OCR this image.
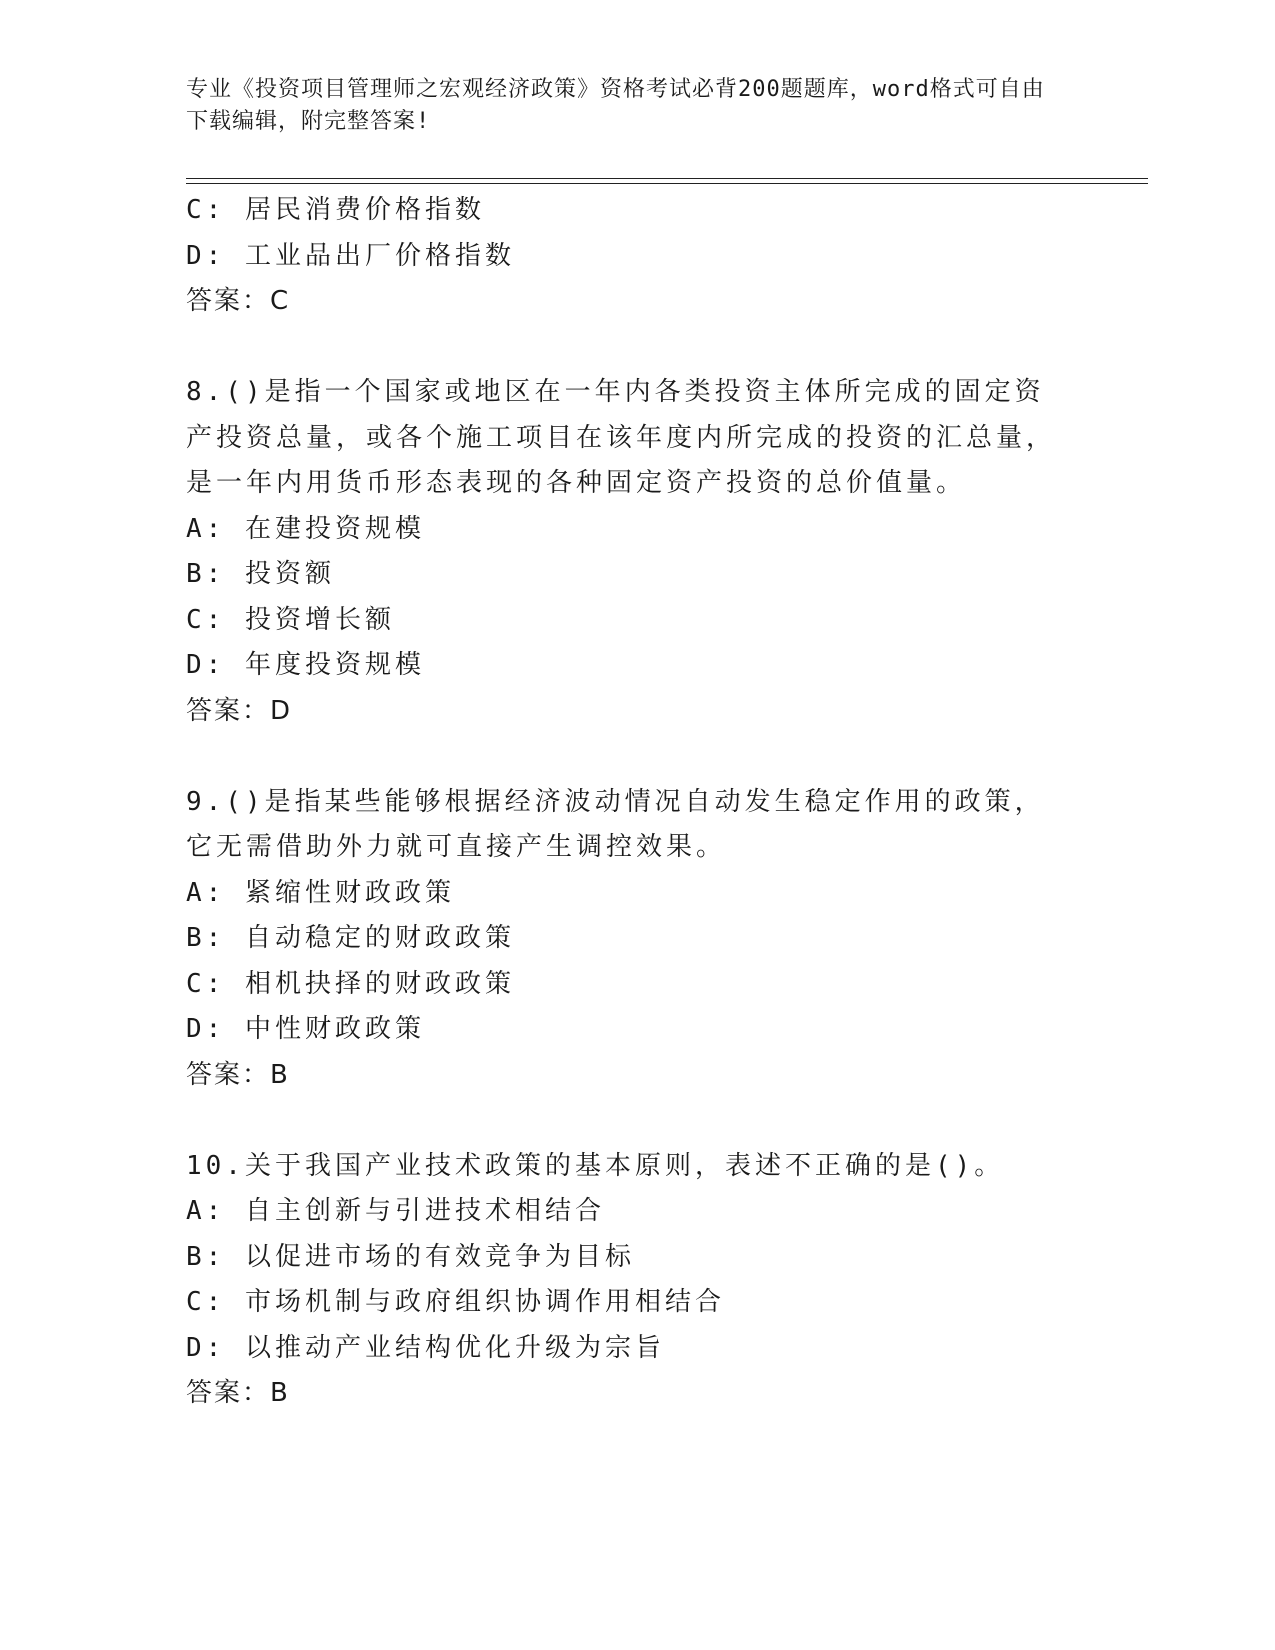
专业《投资项目管理师之宏观经济政策》资格考试必背200题题库，word格式可自由下载编辑，附完整答案!
C: 居民消费价格指数
D: 工业品出厂价格指数
答案：C
8.()是指一个国家或地区在一年内各类投资主体所完成的固定资产投资总量，或各个施工项目在该年度内所完成的投资的汇总量，是一年内用货币形态表现的各种固定资产投资的总价值量。
A: 在建投资规模
B: 投资额
C: 投资增长额
D: 年度投资规模
答案：D
9.()是指某些能够根据经济波动情况自动发生稳定作用的政策，它无需借助外力就可直接产生调控效果。
A: 紧缩性财政政策
B: 自动稳定的财政政策
C: 相机抉择的财政政策
D: 中性财政政策
答案：B
10.关于我国产业技术政策的基本原则，表述不正确的是()。
A: 自主创新与引进技术相结合
B: 以促进市场的有效竞争为目标
C: 市场机制与政府组织协调作用相结合
D: 以推动产业结构优化升级为宗旨
答案：B
